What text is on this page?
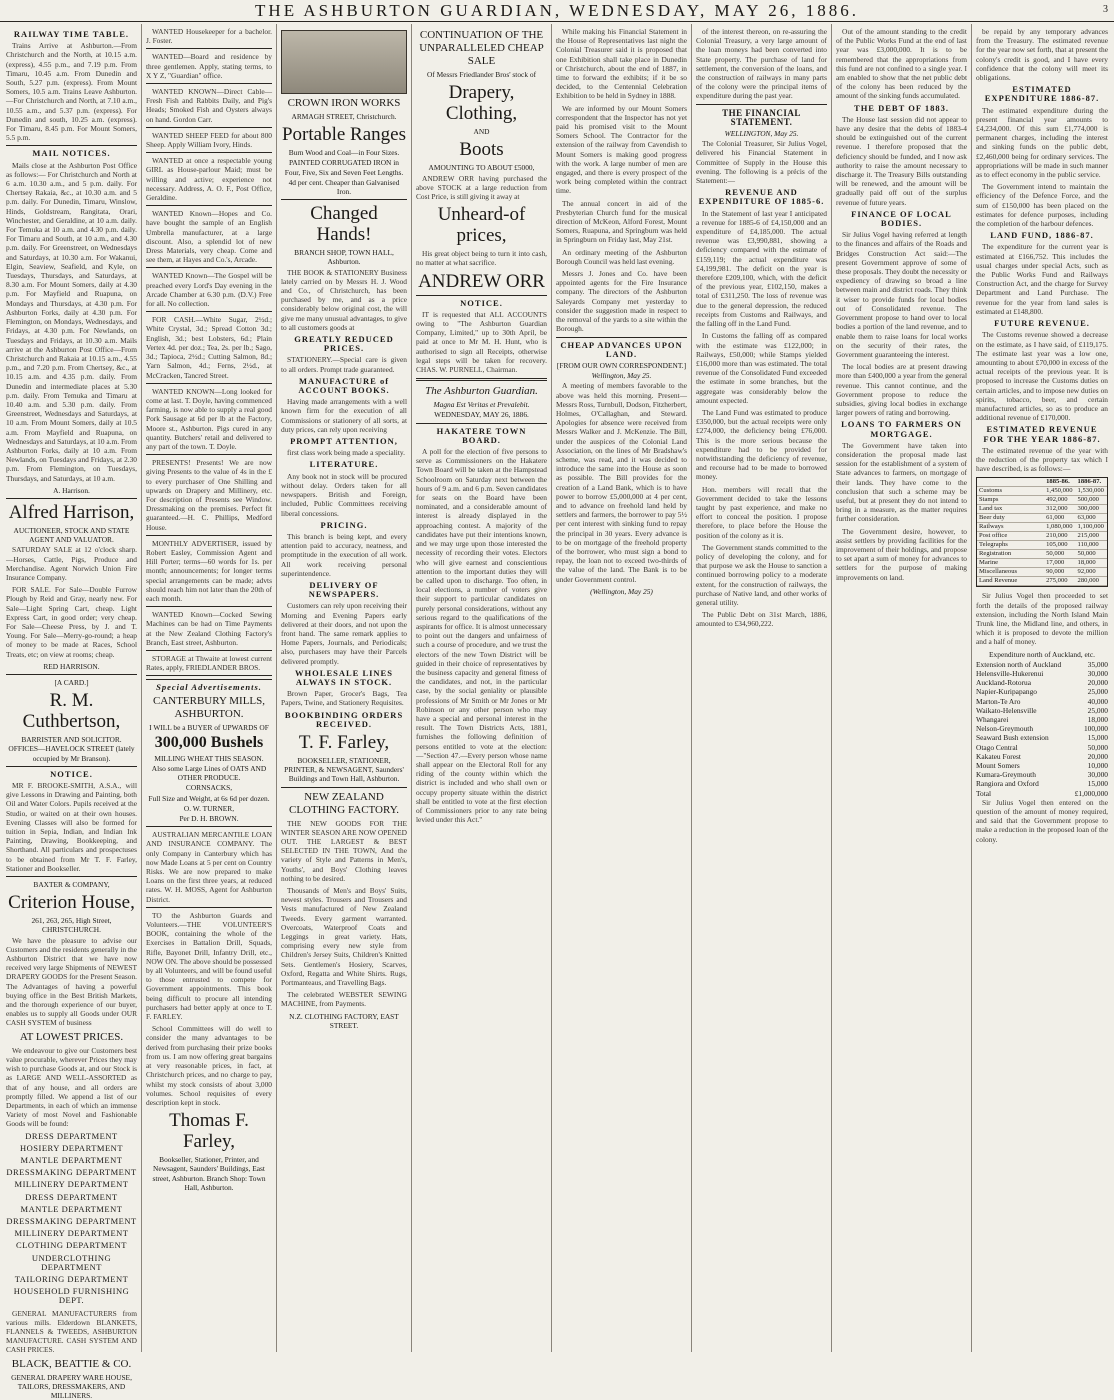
THE ASHBURTON GUARDIAN, WEDNESDAY, MAY 26, 1886.	3
RAILWAY TIME TABLE.
Trains Arrive at Ashburton.—From Christchurch and the North, at 10.15 a.m. (express), 4.55 p.m., and 7.19 p.m. From Timaru, 10.45 a.m. From Dunedin and South, 5.27 p.m. (express). From Mount Somers, 10.5 a.m. Trains Leave Ashburton.—For Christchurch and North, at 7.10 a.m., 10.55 a.m., and 5.37 p.m. (express). For Dunedin and south, 10.25 a.m. (express). For Timaru, 8.45 p.m. For Mount Somers, 5.5 p.m.
MAIL NOTICES.
Mails close at the Ashburton Post Office as follows:— For Christchurch and North at 6 a.m. 10.30 a.m., and 5 p.m. daily. For Chertsey Rakaia, &c., at 10.30 a.m. and 5 p.m. daily. For Dunedin, Timaru, Winslow, Hinds, Goldstream, Rangitata, Orari, Winchester, and Geraldine, at 10 a.m. daily. For Temuka at 10 a.m. and 4.30 p.m. daily. For Timaru and South, at 10 a.m., and 4.30 p.m. daily. For Greenstreet, on Wednesdays and Saturdays, at 10.30 a.m. For Wakanui, Elgin, Seaview, Seafield, and Kyle, on Tuesdays, Thursdays, and Saturdays, at 8.30 a.m. For Mount Somers, daily at 4.30 p.m. For Mayfield and Ruapuna, on Mondays and Thursdays, at 4.30 p.m. For Ashburton Forks, daily at 4.30 p.m. For Flemington, on Mondays, Wednesdays, and Fridays, at 4.30 p.m. For Newlands, on Tuesdays and Fridays, at 10.30 a.m. Mails arrive at the Ashburton Post Office—From Christchurch and Rakaia at 10.15 a.m., 4.55 p.m., and 7.20 p.m. From Chertsey, &c., at 10.15 a.m. and 4.35 p.m. daily. From Dunedin and intermediate places at 5.30 p.m. daily. From Temuka and Timaru at 10.40 a.m. and 5.30 p.m. daily. From Greenstreet, Wednesdays and Saturdays, at 10 a.m. From Mount Somers, daily at 10.5 a.m. From Mayfield and Ruapuna, on Wednesdays and Saturdays, at 10 a.m. From Ashburton Forks, daily at 10 a.m. From Newlands, on Tuesdays and Fridays, at 2.30 p.m. From Flemington, on Tuesdays, Thursdays, and Saturdays, at 10 a.m.
A. Harrison.
Alfred Harrison,
AUCTIONEER, STOCK AND STATE AGENT AND VALUATOR.
SATURDAY SALE at 12 o'clock sharp.—Horses, Cattle, Pigs, Produce and Merchandise. Agent Norwich Union Fire Insurance Company.
FOR SALE. For Sale—Double Furrow Plough by Reid and Gray, nearly new. For Sale—Light Spring Cart, cheap. Light Express Cart, in good order; very cheap. For Sale—Cheese Press, by J. and T. Young. For Sale—Merry-go-round; a heap of money to be made at Races, School Treats, etc; on view at rooms; cheap.
RED HARRISON.
[A CARD.]
R. M. Cuthbertson,
BARRISTER AND SOLICITOR. OFFICES—HAVELOCK STREET (lately occupied by Mr Branson).
NOTICE.
MR F. BROOKE-SMITH, A.S.A., will give Lessons in Drawing and Painting, both Oil and Water Colors. Pupils received at the Studio, or waited on at their own houses. Evening Classes will also be formed for tuition in Sepia, Indian, and Indian Ink Painting, Drawing, Bookkeeping, and Shorthand. All particulars and prospectuses to be obtained from Mr T. F. Farley, Stationer and Bookseller.
BAXTER & COMPANY,
Criterion House,
261, 263, 265, High Street, CHRISTCHURCH.
We have the pleasure to advise our Customers and the residents generally in the Ashburton District that we have now received very large Shipments of NEWEST DRAPERY GOODS for the Present Season. The Advantages of having a powerful buying office in the Best British Markets, and the thorough experience of our buyer, enables us to supply all Goods under OUR CASH SYSTEM of business
AT LOWEST PRICES.
We endeavour to give our Customers best value procurable, wherever Prices they may wish to purchase Goods at, and our Stock is as LARGE AND WELL-ASSORTED as that of any house, and all orders are promptly filled. We append a list of our Departments, in each of which an immense Variety of most Novel and Fashionable Goods will be found:
DRESS DEPARTMENT
HOSIERY DEPARTMENT
MANTLE DEPARTMENT
DRESSMAKING DEPARTMENT
MILLINERY DEPARTMENT
DRESS DEPARTMENT
MANTLE DEPARTMENT
DRESSMAKING DEPARTMENT
MILLINERY DEPARTMENT
CLOTHING DEPARTMENT
UNDERCLOTHING DEPARTMENT
TAILORING DEPARTMENT
HOUSEHOLD FURNISHING DEPT.
GENERAL MANUFACTURERS from various mills. Elderdown BLANKETS, FLANNELS & TWEEDS, ASHBURTON MANUFACTURE. CASH SYSTEM AND CASH PRICES.
BLACK, BEATTIE & CO.
GENERAL DRAPERY WARE HOUSE, TAILORS, DRESSMAKERS, AND MILLINERS.
WANTED Housekeeper for a bachelor. J. Foster.
WANTED—Board and residence by three gentlemen. Apply, stating terms, to X Y Z, "Guardian" office.
WANTED KNOWN—Direct Cable—Fresh Fish and Rabbits Daily, and Pig's Heads; Smoked Fish and Oysters always on hand. Gordon Carr.
WANTED SHEEP FEED for about 800 Sheep. Apply William Ivory, Hinds.
WANTED at once a respectable young GIRL as House-parlour Maid; must be willing and active; experience not necessary. Address, A. O. F., Post Office, Geraldine.
WANTED Known—Hopes and Co. have bought the sample of an English Umbrella manufacturer, at a large discount. Also, a splendid lot of new Dress Materials, very cheap. Come and see them, at Hayes and Co.'s, Arcade.
WANTED Known—The Gospel will be preached every Lord's Day evening in the Arcade Chamber at 6.30 p.m. (D.V.) Free for all. No collection.
FOR CASH.—White Sugar, 2½d.; White Crystal, 3d.; Spread Cotton 3d.; English, 3d.; best Lobsters, 6d.; Plain Vertex 4d. per doz.; Tea, 2s. per lb.; Sago, 3d.; Tapioca, 2½d.; Cutting Salmon, 8d.; Yarn Salmon, 4d.; Ferns, 2½d., at McCracken, Tancred Street.
WANTED KNOWN—Long looked for come at last. T. Doyle, having commenced farming, is now able to supply a real good Pork Sausage at 6d per lb at the Factory, Moore st., Ashburton. Pigs cured in any quantity. Butchers' retail and delivered to any part of the town. T. Doyle.
PRESENTS! Presents! We are now giving Presents to the value of 4s in the £ to every purchaser of One Shilling and upwards on Drapery and Millinery, etc. For description of Presents see Window. Dressmaking on the premises. Perfect fit guaranteed.—H. C. Phillips, Medford House.
MONTHLY ADVERTISER, issued by Robert Easley, Commission Agent and Hill Porter; terms—60 words for 1s. per month; announcements; for longer terms special arrangements can be made; advts should reach him not later than the 20th of each month.
WANTED Known—Cocked Sewing Machines can be had on Time Payments at the New Zealand Clothing Factory's Branch, East street, Ashburton.
STORAGE at Thwaite at lowest current Rates, apply, FRIEDLANDER BROS.
Special Advertisements.
CANTERBURY MILLS, ASHBURTON.
I WILL be a BUYER of UPWARDS OF
300,000 Bushels
MILLING WHEAT THIS SEASON.
Also some Large Lines of OATS AND OTHER PRODUCE.
CORNSACKS,
Full Size and Weight, at 6s 6d per dozen.
O. W. TURNER,
Per D. H. BROWN.
AUSTRALIAN MERCANTILE LOAN AND INSURANCE COMPANY. The only Company in Canterbury which has now Made Loans at 5 per cent on Country Risks. We are now prepared to make Loans on the first three years, at reduced rates. W. H. MOSS, Agent for Ashburton District.
TO the Ashburton Guards and Volunteers.—THE VOLUNTEER'S BOOK, containing the whole of the Exercises in Battalion Drill, Squads, Rifle, Bayonet Drill, Infantry Drill, etc., NOW ON. The above should be possessed by all Volunteers, and will be found useful to those entrusted to compete for Government appointments. This book being difficult to procure all intending purchasers had better apply at once to T. F. FARLEY.
School Committees will do well to consider the many advantages to be derived from purchasing their prize books from us. I am now offering great bargains at very reasonable prices, in fact, at Christchurch prices, and no charge to pay, whilst my stock consists of about 3,000 volumes. School requisites of every description kept in stock.
Thomas F. Farley,
Bookseller, Stationer, Printer, and Newsagent, Saunders' Buildings, East street, Ashburton. Branch Shop: Town Hall, Ashburton.
CROWN IRON WORKS
ARMAGH STREET, Christchurch.
Portable Ranges
Burn Wood and Coal—in Four Sizes.
PAINTED CORRUGATED IRON in Four, Five, Six and Seven Feet Lengths.
4d per cent. Cheaper than Galvanised Iron.
Changed Hands!
BRANCH SHOP, TOWN HALL, Ashburton.
THE BOOK & STATIONERY Business lately carried on by Messrs H. J. Wood and Co., of Christchurch, has been purchased by me, and as a price considerably below original cost, the will give me many unusual advantages, to give to all customers goods at
GREATLY REDUCED PRICES.
STATIONERY.—Special care is given to all orders. Prompt trade guaranteed.
MANUFACTURE of ACCOUNT BOOKS.
Having made arrangements with a well known firm for the execution of all Commissions or stationery of all sorts, at duty prices, can rely upon receiving
PROMPT ATTENTION,
first class work being made a speciality.
LITERATURE.
Any book not in stock will be procured without delay. Orders taken for all newspapers. British and Foreign, included, Public Committees receiving liberal concessions.
PRICING.
This branch is being kept, and every attention paid to accuracy, neatness, and promptitude in the execution of all work. All work receiving personal superintendence.
DELIVERY OF NEWSPAPERS.
Customers can rely upon receiving their Morning and Evening Papers early delivered at their doors, and not upon the front hand. The same remark applies to Home Papers, Journals, and Periodicals; also, purchasers may have their Parcels delivered promptly.
WHOLESALE LINES ALWAYS IN STOCK.
Brown Paper, Grocer's Bags, Tea Papers, Twine, and Stationery Requisites.
BOOKBINDING ORDERS RECEIVED.
T. F. Farley,
BOOKSELLER, STATIONER, PRINTER, & NEWSAGENT, Saunders' Buildings and Town Hall, Ashburton.
NEW ZEALAND CLOTHING FACTORY.
THE NEW GOODS FOR THE WINTER SEASON ARE NOW OPENED OUT. THE LARGEST & BEST SELECTED IN THE TOWN, And the variety of Style and Patterns in Men's, Youths', and Boys' Clothing leaves nothing to be desired.
Thousands of Men's and Boys' Suits, newest styles. Trousers and Trousers and Vests manufactured of New Zealand Tweeds. Every garment warranted. Overcoats, Waterproof Coats and Leggings in great variety. Hats, comprising every new style from Children's Jersey Suits, Children's Knitted Sets. Gentlemen's Hosiery, Scarves, Oxford, Regatta and White Shirts. Rugs, Portmanteaus, and Travelling Bags.
The celebrated WEBSTER SEWING MACHINE, from Payments.
N.Z. CLOTHING FACTORY, EAST STREET.
CONTINUATION OF THE UNPARALLELED CHEAP SALE
Of Messrs Friedlander Bros' stock of
Drapery, Clothing,
AND
Boots
AMOUNTING TO ABOUT £5000,
ANDREW ORR having purchased the above STOCK at a large reduction from Cost Price, is still giving it away at
Unheard-of prices,
His great object being to turn it into cash, no matter at what sacrifice.
ANDREW ORR
NOTICE.
IT is requested that ALL ACCOUNTS owing to "The Ashburton Guardian Company, Limited," up to 30th April, be paid at once to Mr M. H. Hunt, who is authorised to sign all Receipts, otherwise legal steps will be taken for recovery. CHAS. W. PURNELL, Chairman.
The Ashburton Guardian.
Magna Est Veritas et Prevalebit.
WEDNESDAY, MAY 26, 1886.
HAKATERE TOWN BOARD.
A poll for the election of five persons to serve as Commissioners on the Hakatere Town Board will be taken at the Hampstead Schoolroom on Saturday next between the hours of 9 a.m. and 6 p.m. Seven candidates for seats on the Board have been nominated, and a considerable amount of interest is already displayed in the approaching contest. A majority of the candidates have put their intentions known, and we may urge upon those interested the necessity of recording their votes. Electors who will give earnest and conscientious attention to the important duties they will be called upon to discharge. Too often, in local elections, a number of voters give their support to particular candidates on purely personal considerations, without any serious regard to the qualifications of the aspirants for office. It is almost unnecessary to point out the dangers and unfairness of such a course of procedure, and we trust the electors of the new Town District will be guided in their choice of representatives by the business capacity and general fitness of the candidates, and not, in the particular case, by the social geniality or plausible professions of Mr Smith or Mr Jones or Mr Robinson or any other person who may have a special and personal interest in the result. The Town Districts Acts, 1881, furnishes the following definition of persons entitled to vote at the election:—"Section 47.—Every person whose name shall appear on the Electoral Roll for any riding of the county within which the district is included and who shall own or occupy property situate within the district shall be entitled to vote at the first election of Commissioners prior to any rate being levied under this Act."
While making his Financial Statement in the House of Representatives last night the Colonial Treasurer said it is proposed that one Exhibition shall take place in Dunedin or Christchurch, about the end of 1887, in time to forward the exhibits; if it be so decided, to the Centennial Celebration Exhibition to be held in Sydney in 1888.
We are informed by our Mount Somers correspondent that the Inspector has not yet paid his promised visit to the Mount Somers School. The Contractor for the extension of the railway from Cavendish to Mount Somers is making good progress with the work. A large number of men are engaged, and there is every prospect of the work being completed within the contract time.
The annual concert in aid of the Presbyterian Church fund for the musical direction of McKeon, Alford Forest, Mount Somers, Ruapuna, and Springburn was held in Springburn on Friday last, May 21st.
An ordinary meeting of the Ashburton Borough Council was held last evening.
Messrs J. Jones and Co. have been appointed agents for the Fire Insurance company. The directors of the Ashburton Saleyards Company met yesterday to consider the suggestion made in respect to the removal of the yards to a site within the Borough.
CHEAP ADVANCES UPON LAND.
[FROM OUR OWN CORRESPONDENT.]
Wellington, May 25.
A meeting of members favorable to the above was held this morning. Present—Messrs Ross, Turnbull, Dodson, Fitzherbert, Holmes, O'Callaghan, and Steward. Apologies for absence were received from Messrs Walker and J. McKenzie. The Bill, under the auspices of the Colonial Land Association, on the lines of Mr Bradshaw's scheme, was read, and it was decided to introduce the same into the House as soon as possible. The Bill provides for the creation of a Land Bank, which is to have power to borrow £5,000,000 at 4 per cent, and to advance on freehold land held by settlers and farmers, the borrower to pay 5½ per cent interest with sinking fund to repay the principal in 30 years. Every advance is to be on mortgage of the freehold property of the borrower, who must sign a bond to repay, the loan not to exceed two-thirds of the value of the land. The Bank is to be under Government control.
(Wellington, May 25)
of the interest thereon, on re-assuring the Colonial Treasury, a very large amount of the loan moneys had been converted into State property. The purchase of land for settlement, the conversion of the loans, and the construction of railways in many parts of the colony were the principal items of expenditure during the past year.
THE FINANCIAL STATEMENT.
WELLINGTON, May 25.
The Colonial Treasurer, Sir Julius Vogel, delivered his Financial Statement in Committee of Supply in the House this evening. The following is a précis of the Statement:—
REVENUE AND EXPENDITURE OF 1885-6.
In the Statement of last year I anticipated a revenue for 1885-6 of £4,150,000 and an expenditure of £4,185,000. The actual revenue was £3,990,881, showing a deficiency compared with the estimate of £159,119; the actual expenditure was £4,199,981. The deficit on the year is therefore £209,100, which, with the deficit of the previous year, £102,150, makes a total of £311,250. The loss of revenue was due to the general depression, the reduced receipts from Customs and Railways, and the falling off in the Land Fund.
In Customs the falling off as compared with the estimate was £122,000; in Railways, £50,000; while Stamps yielded £16,000 more than was estimated. The total revenue of the Consolidated Fund exceeded the estimate in some branches, but the aggregate was considerably below the amount expected.
The Land Fund was estimated to produce £350,000, but the actual receipts were only £274,000, the deficiency being £76,000. This is the more serious because the expenditure had to be provided for notwithstanding the deficiency of revenue, and recourse had to be made to borrowed money.
Hon. members will recall that the Government decided to take the lessons taught by past experience, and make no effort to conceal the position. I propose therefore, to place before the House the position of the colony as it is.
The Government stands committed to the policy of developing the colony, and for that purpose we ask the House to sanction a continued borrowing policy to a moderate extent, for the construction of railways, the purchase of Native land, and other works of general utility.
The Public Debt on 31st March, 1886, amounted to £34,960,222.
Out of the amount standing to the credit of the Public Works Fund at the end of last year was £3,000,000. It is to be remembered that the appropriations from this fund are not confined to a single year. I am enabled to show that the net public debt of the colony has been reduced by the amount of the sinking funds accumulated.
THE DEBT OF 1883.
The House last session did not appear to have any desire that the debts of 1883-4 should be extinguished out of the current revenue. I therefore proposed that the deficiency should be funded, and I now ask authority to raise the amount necessary to discharge it. The Treasury Bills outstanding will be renewed, and the amount will be gradually paid off out of the surplus revenue of future years.
FINANCE OF LOCAL BODIES.
Sir Julius Vogel having referred at length to the finances and affairs of the Roads and Bridges Construction Act said:—The present Government approve of some of these proposals. They doubt the necessity or expediency of drawing so broad a line between main and district roads. They think it wiser to provide funds for local bodies out of Consolidated revenue. The Government propose to hand over to local bodies a portion of the land revenue, and to enable them to raise loans for local works on the security of their rates, the Government guaranteeing the interest.
The local bodies are at present drawing more than £400,000 a year from the general revenue. This cannot continue, and the Government propose to reduce the subsidies, giving local bodies in exchange larger powers of rating and borrowing.
LOANS TO FARMERS ON MORTGAGE.
The Government have taken into consideration the proposal made last session for the establishment of a system of State advances to farmers, on mortgage of their lands. They have come to the conclusion that such a scheme may be useful, but at present they do not intend to bring in a measure, as the matter requires further consideration.
The Government desire, however, to assist settlers by providing facilities for the improvement of their holdings, and propose to set apart a sum of money for advances to settlers for the purpose of making improvements on land.
be repaid by any temporary advances from the Treasury. The estimated revenue for the year now set forth, that at present the colony's credit is good, and I have every confidence that the colony will meet its obligations.
ESTIMATED EXPENDITURE 1886-87.
The estimated expenditure during the present financial year amounts to £4,234,000. Of this sum £1,774,000 is permanent charges, including the interest and sinking funds on the public debt, £2,460,000 being for ordinary services. The appropriations will be made in such manner as to effect economy in the public service.
The Government intend to maintain the efficiency of the Defence Force, and the sum of £150,000 has been placed on the estimates for defence purposes, including the completion of the harbour defences.
LAND FUND, 1886-87.
The expenditure for the current year is estimated at £166,752. This includes the usual charges under special Acts, such as the Public Works Fund and Railways Construction Act, and the charge for Survey Department and Land Purchase. The revenue for the year from land sales is estimated at £148,800.
FUTURE REVENUE.
The Customs revenue showed a decrease on the estimate, as I have said, of £119,175. The estimate last year was a low one, amounting to about £70,000 in excess of the actual receipts of the previous year. It is proposed to increase the Customs duties on certain articles, and to impose new duties on spirits, tobacco, beer, and certain manufactured articles, so as to produce an additional revenue of £170,000.
ESTIMATED REVENUE FOR THE YEAR 1886-87.
The estimated revenue of the year with the reduction of the property tax which I have described, is as follows:—
1885-86.	1886-87.
Customs	1,450,000 1,530,000
Stamps	492,000	500,000
Land tax	312,000	300,000
Beer duty	61,000	63,000
Railways	1,080,000 1,100,000
Post office	210,000	215,000
Telegraphs	105,000	110,000
Registration	50,000	50,000
Marine	17,000	18,000
Miscellaneous	90,000	92,000
Land Revenue	275,000	280,000
Sir Julius Vogel then proceeded to set forth the details of the proposed railway extension, including the North Island Main Trunk line, the Midland line, and others, in which it is proposed to devote the million and a half of money.
Expenditure north of Auckland, etc.
Extension north of Auckland	35,000
Helensville-Hukerenui	30,000
Auckland-Rotorua	20,000
Napier-Kuripapango	25,000
Marton-Te Aro	40,000
Waikato-Helensville	25,000
Whangarei	18,000
Nelson-Greymouth	100,000
Seaward Bush extension	15,000
Otago Central	50,000
Kakateu Forest	20,000
Mount Somers	10,000
Kumara-Greymouth	30,000
Rangiora and Oxford	15,000
Total	£1,000,000
Sir Julius Vogel then entered on the question of the amount of money required, and said that the Government propose to make a reduction in the proposed loan of the colony.
